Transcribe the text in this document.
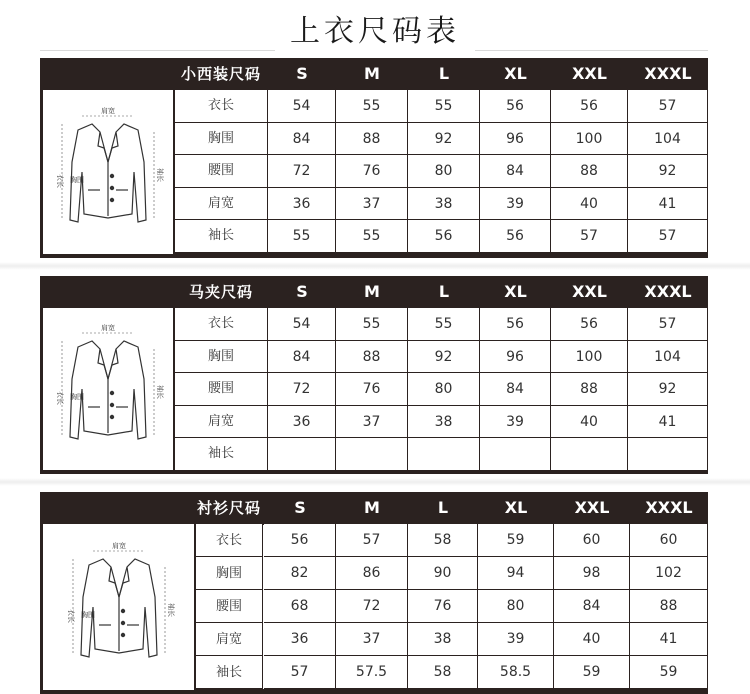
上衣尺码表
小西装尺码	S	M	L	XL	XXL	XXXL
肩宽
衣长	袖长
胸围
衣长	54	55	55	56	56	57
胸围	84	88	92	96	100	104
腰围	72	76	80	84	88	92
肩宽	36	37	38	39	40	41
袖长	55	55	56	56	57	57
马夹尺码	S	M	L	XL	XXL	XXXL
肩宽
衣长	袖长
胸围
衣长	54	55	55	56	56	57
胸围	84	88	92	96	100	104
腰围	72	76	80	84	88	92
肩宽	36	37	38	39	40	41
袖长
衬衫尺码	S	M	L	XL	XXL	XXXL
肩宽
衣长	袖长
胸围
衣长	56	57	58	59	60	60
胸围	82	86	90	94	98	102
腰围	68	72	76	80	84	88
肩宽	36	37	38	39	40	41
袖长	57	57.5	58	58.5	59	59
